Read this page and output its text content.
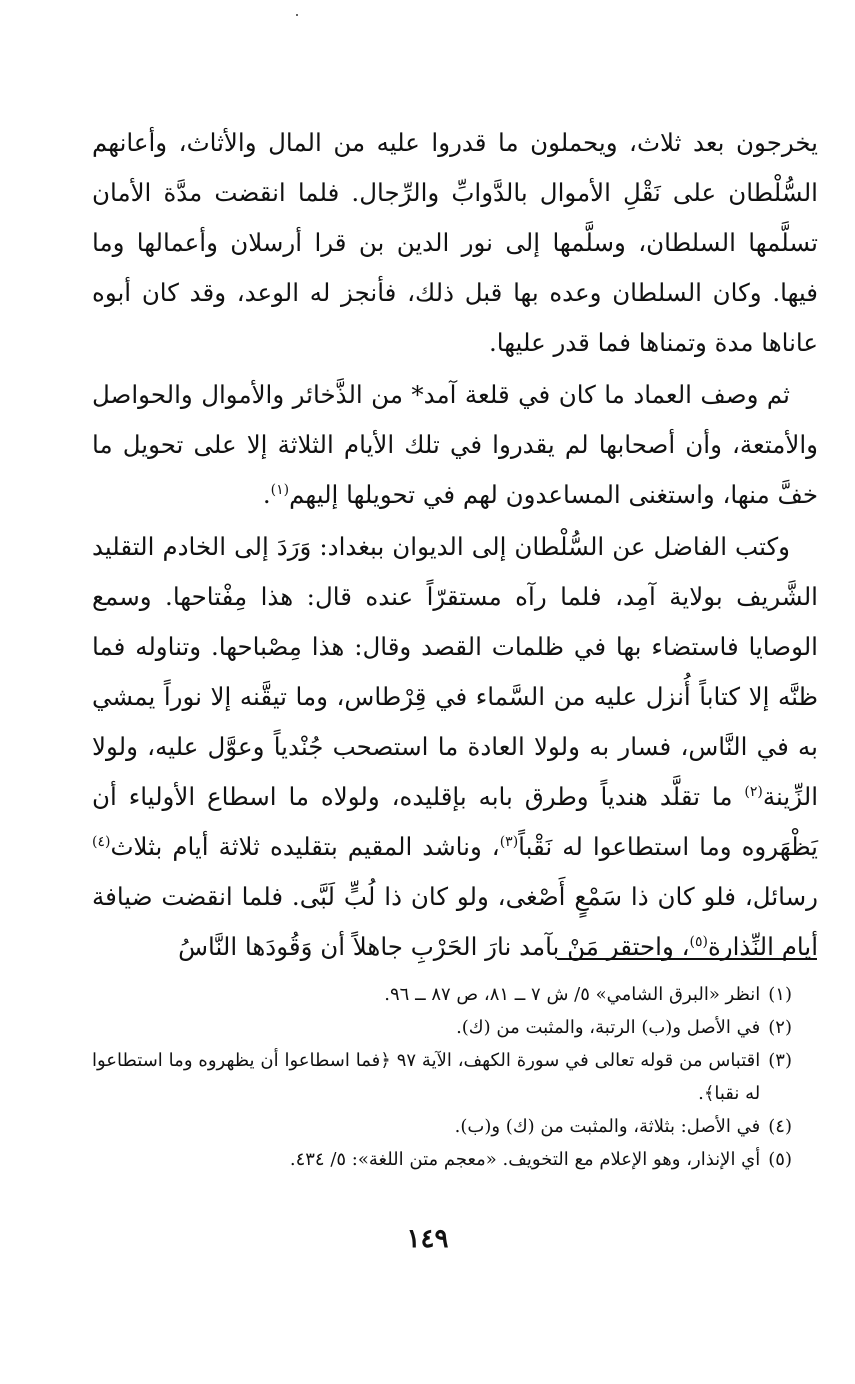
يخرجون بعد ثلاث، ويحملون ما قدروا عليه من المال والأثاث، وأعانهم السُّلْطان على نَقْلِ الأموال بالدَّوابِّ والرِّجال. فلما انقضت مدَّة الأمان تسلَّمها السلطان، وسلَّمها إلى نور الدين بن قرا أرسلان وأعمالها وما فيها. وكان السلطان وعده بها قبل ذلك، فأنجز له الوعد، وقد كان أبوه عاناها مدة وتمناها فما قدر عليها.

ثم وصف العماد ما كان في قلعة آمد* من الذَّخائر والأموال والحواصل والأمتعة، وأن أصحابها لم يقدروا في تلك الأيام الثلاثة إلا على تحويل ما خفَّ منها، واستغنى المساعدون لهم في تحويلها إليهم$^{(١)}$.

وكتب الفاضل عن السُّلْطان إلى الديوان ببغداد: وَرَدَ إلى الخادم التقليد الشَّريف بولاية آمِد، فلما رآه مستقرّاً عنده قال: هذا مِفْتاحها. وسمع الوصايا فاستضاء بها في ظلمات القصد وقال: هذا مِصْباحها. وتناوله فما ظنَّه إلا كتاباً أُنزل عليه من السَّماء في قِرْطاس، وما تيقَّنه إلا نوراً يمشي به في النَّاس، فسار به ولولا العادة ما استصحب جُنْدياً وعوَّل عليه، ولولا الزِّينة$^{(٢)}$ ما تقلَّد هندياً وطرق بابه بإقليده، ولولاه ما اسطاع الأولياء أن يَظْهَروه وما استطاعوا له نَقْباً$^{(٣)}$، وناشد المقيم بتقليده ثلاثة أيام بثلاث$^{(٤)}$ رسائل، فلو كان ذا سَمْعٍ أَصْغى، ولو كان ذا لُبٍّ لَبَّى. فلما انقضت ضيافة أيام النِّذارة$^{(٥)}$، واحتقر مَنْ بآمد نارَ الحَرْبِ جاهلاً أن وَقُودَها النَّاسُ

(١)
انظر «البرق الشامي» ٥/ ش ٧ ــ ٨١، ص ٨٧ ــ ٩٦.
(٢)
في الأصل و(ب) الرتبة، والمثبت من (ك).
(٣)
اقتباس من قوله تعالى في سورة الكهف، الآية ٩٧ ﴿فما اسطاعوا أن يظهروه وما استطاعوا له نقبا﴾.
(٤)
في الأصل: بثلاثة، والمثبت من (ك) و(ب).
(٥)
أي الإنذار، وهو الإعلام مع التخويف. «معجم متن اللغة»: ٥/ ٤٣٤.
١٤٩
